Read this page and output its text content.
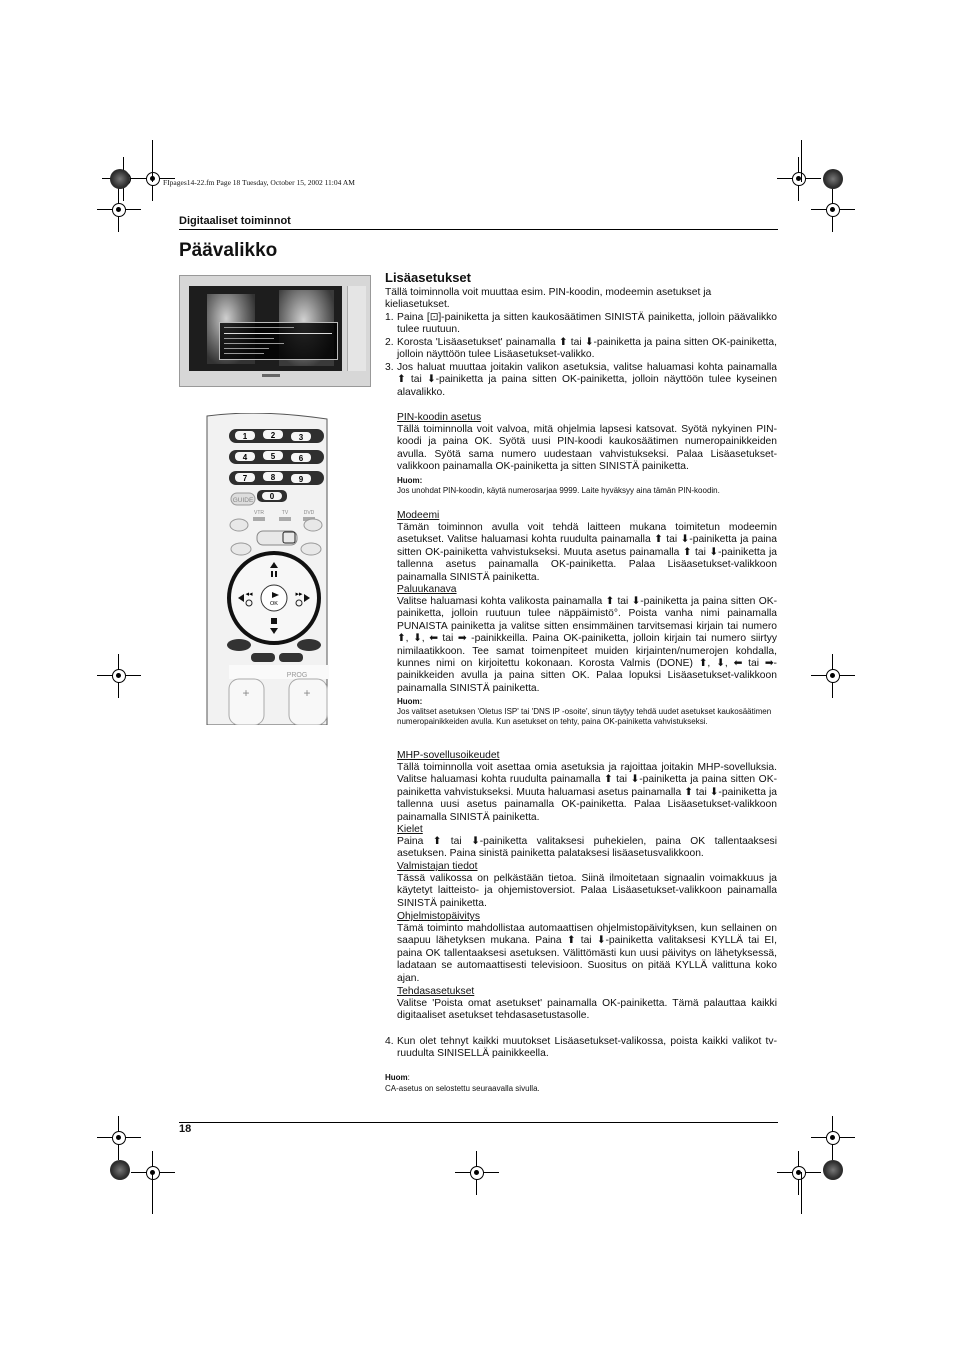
FIpages14-22.fm Page 18 Tuesday, October 15, 2002 11:04 AM
Digitaaliset toiminnot
Päävalikko
1	2	3
4	5	6
7	8	9
0
GUIDE
VTR	TV	DVD
OK
◂◂	▸▸
PROG
+	+
Lisäasetukset
Tällä toiminnolla voit muuttaa esim. PIN-koodin, modeemin asetukset ja kieliasetukset.
1. Paina [⊡]-painiketta ja sitten kaukosäätimen SINISTÄ painiketta, jolloin päävalikko tulee ruutuun.
2. Korosta 'Lisäasetukset' painamalla ⬆ tai ⬇-painiketta ja paina sitten OK-painiketta, jolloin näyttöön tulee Lisäasetukset-valikko.
3. Jos haluat muuttaa joitakin valikon asetuksia, valitse haluamasi kohta painamalla ⬆ tai ⬇-painiketta ja paina sitten OK-painiketta, jolloin näyttöön tulee kyseinen alavalikko.
PIN-koodin asetus
Tällä toiminnolla voit valvoa, mitä ohjelmia lapsesi katsovat. Syötä nykyinen PIN-koodi ja paina OK. Syötä uusi PIN-koodi kaukosäätimen numeropainikkeiden avulla. Syötä sama numero uudestaan vahvistukseksi. Palaa Lisäasetukset-valikkoon painamalla OK-painiketta ja sitten SINISTÄ painiketta.
Huom:
Jos unohdat PIN-koodin, käytä numerosarjaa 9999. Laite hyväksyy aina tämän PIN-koodin.
Modeemi
Tämän toiminnon avulla voit tehdä laitteen mukana toimitetun modeemin asetukset. Valitse haluamasi kohta ruudulta painamalla ⬆ tai ⬇-painiketta ja paina sitten OK-painiketta vahvistukseksi. Muuta asetus painamalla ⬆ tai ⬇-painiketta ja tallenna asetus painamalla OK-painiketta. Palaa Lisäasetukset-valikkoon painamalla SINISTÄ painiketta.
Paluukanava
Valitse haluamasi kohta valikosta painamalla ⬆ tai ⬇-painiketta ja paina sitten OK-painiketta, jolloin ruutuun tulee näppäimistö°. Poista vanha nimi painamalla PUNAISTA painiketta ja valitse sitten ensimmäinen tarvitsemasi kirjain tai numero ⬆, ⬇, ⬅ tai ➡ -painikkeilla. Paina OK-painiketta, jolloin kirjain tai numero siirtyy nimilaatikkoon. Tee samat toimenpiteet muiden kirjainten/numerojen kohdalla, kunnes nimi on kirjoitettu kokonaan. Korosta Valmis (DONE) ⬆, ⬇, ⬅ tai ➡-painikkeiden avulla ja paina sitten OK. Palaa lopuksi Lisäasetukset-valikkoon painamalla SINISTÄ painiketta.
Huom:
Jos valitset asetuksen 'Oletus ISP' tai 'DNS IP -osoite', sinun täytyy tehdä uudet asetukset kaukosäätimen numeropainikkeiden avulla. Kun asetukset on tehty, paina OK-painiketta vahvistukseksi.
MHP-sovellusoikeudet
Tällä toiminnolla voit asettaa omia asetuksia ja rajoittaa joitakin MHP-sovelluksia. Valitse haluamasi kohta ruudulta painamalla ⬆ tai ⬇-painiketta ja paina sitten OK-painiketta vahvistukseksi. Muuta haluamasi asetus painamalla ⬆ tai ⬇-painiketta ja tallenna uusi asetus painamalla OK-painiketta. Palaa Lisäasetukset-valikkoon painamalla SINISTÄ painiketta.
Kielet
Paina ⬆ tai ⬇-painiketta valitaksesi puhekielen, paina OK tallentaaksesi asetuksen. Paina sinistä painiketta palataksesi lisäasetusvalikkoon.
Valmistajan tiedot
Tässä valikossa on pelkästään tietoa. Siinä ilmoitetaan signaalin voimakkuus ja käytetyt laitteisto- ja ohjemistoversiot. Palaa Lisäasetukset-valikkoon painamalla SINISTÄ painiketta.
Ohjelmistopäivitys
Tämä toiminto mahdollistaa automaattisen ohjelmistopäivityksen, kun sellainen on saapuu lähetyksen mukana. Paina ⬆ tai ⬇-painiketta valitaksesi KYLLÄ tai EI, paina OK tallentaaksesi asetuksen. Välittömästi kun uusi päivitys on lähetyksessä, ladataan se automaattisesti televisioon. Suositus on pitää KYLLÄ valittuna koko ajan.
Tehdasasetukset
Valitse 'Poista omat asetukset' painamalla OK-painiketta. Tämä palauttaa kaikki digitaaliset asetukset tehdasasetustasolle.
4. Kun olet tehnyt kaikki muutokset Lisäasetukset-valikossa, poista kaikki valikot tv-ruudulta SINISELLÄ painikkeella.
Huom:
CA-asetus on selostettu seuraavalla sivulla.
18
